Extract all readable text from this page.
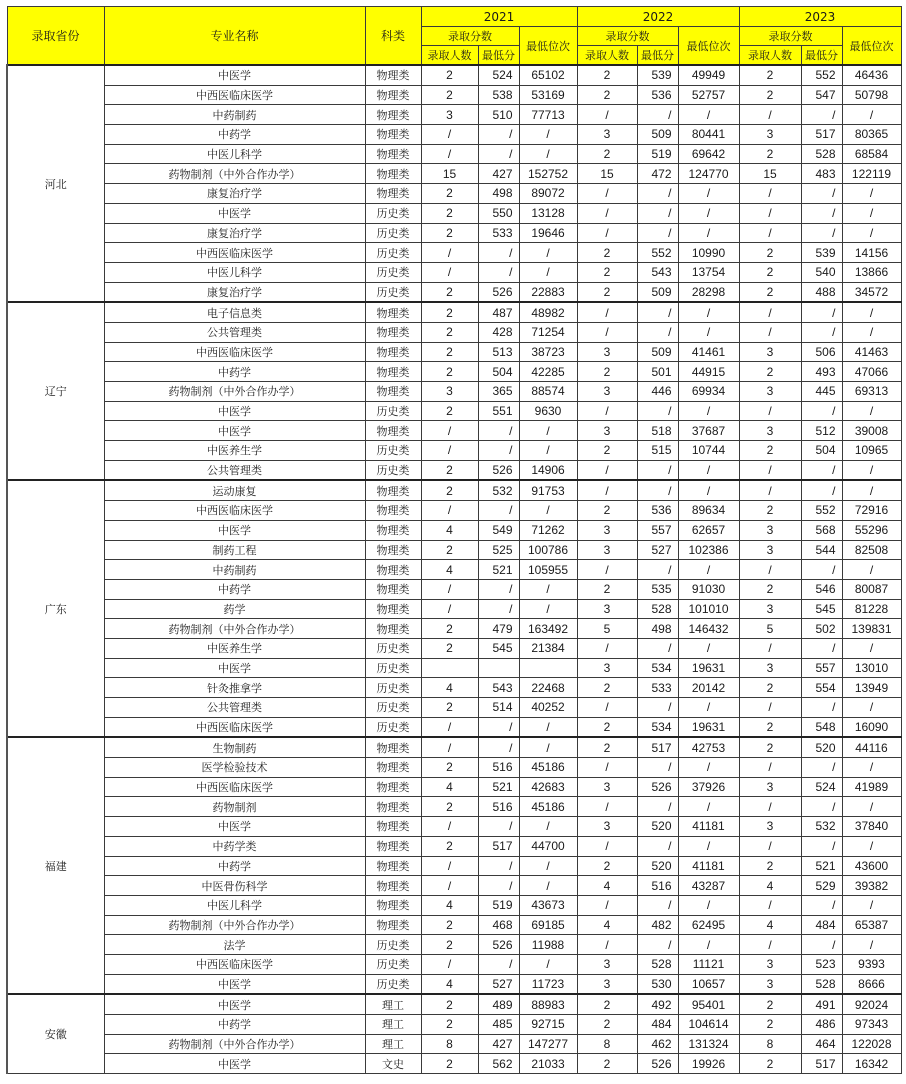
录取省份	专业名称	科类	2021			2022			2023		
			录取分数		最低位次	录取分数		最低位次	录取分数		最低位次
			录取人数	最低分		录取人数	最低分		录取人数	最低分	
河北	中医学	物理类	2	524	65102	2	539	49949	2	552	46436
	中西医临床医学	物理类	2	538	53169	2	536	52757	2	547	50798
	中药制药	物理类	3	510	77713	/	/	/	/	/	/
	中药学	物理类	/	/	/	3	509	80441	3	517	80365
	中医儿科学	物理类	/	/	/	2	519	69642	2	528	68584
	药物制剂（中外合作办学）	物理类	15	427	152752	15	472	124770	15	483	122119
	康复治疗学	物理类	2	498	89072	/	/	/	/	/	/
	中医学	历史类	2	550	13128	/	/	/	/	/	/
	康复治疗学	历史类	2	533	19646	/	/	/	/	/	/
	中西医临床医学	历史类	/	/	/	2	552	10990	2	539	14156
	中医儿科学	历史类	/	/	/	2	543	13754	2	540	13866
	康复治疗学	历史类	2	526	22883	2	509	28298	2	488	34572
辽宁	电子信息类	物理类	2	487	48982	/	/	/	/	/	/
	公共管理类	物理类	2	428	71254	/	/	/	/	/	/
	中西医临床医学	物理类	2	513	38723	3	509	41461	3	506	41463
	中药学	物理类	2	504	42285	2	501	44915	2	493	47066
	药物制剂（中外合作办学）	物理类	3	365	88574	3	446	69934	3	445	69313
	中医学	历史类	2	551	9630	/	/	/	/	/	/
	中医学	物理类	/	/	/	3	518	37687	3	512	39008
	中医养生学	历史类	/	/	/	2	515	10744	2	504	10965
	公共管理类	历史类	2	526	14906	/	/	/	/	/	/
广东	运动康复	物理类	2	532	91753	/	/	/	/	/	/
	中西医临床医学	物理类	/	/	/	2	536	89634	2	552	72916
	中医学	物理类	4	549	71262	3	557	62657	3	568	55296
	制药工程	物理类	2	525	100786	3	527	102386	3	544	82508
	中药制药	物理类	4	521	105955	/	/	/	/	/	/
	中药学	物理类	/	/	/	2	535	91030	2	546	80087
	药学	物理类	/	/	/	3	528	101010	3	545	81228
	药物制剂（中外合作办学）	物理类	2	479	163492	5	498	146432	5	502	139831
	中医养生学	历史类	2	545	21384	/	/	/	/	/	/
	中医学	历史类				3	534	19631	3	557	13010
	针灸推拿学	历史类	4	543	22468	2	533	20142	2	554	13949
	公共管理类	历史类	2	514	40252	/	/	/	/	/	/
	中西医临床医学	历史类	/	/	/	2	534	19631	2	548	16090
福建	生物制药	物理类	/	/	/	2	517	42753	2	520	44116
	医学检验技术	物理类	2	516	45186	/	/	/	/	/	/
	中西医临床医学	物理类	4	521	42683	3	526	37926	3	524	41989
	药物制剂	物理类	2	516	45186	/	/	/	/	/	/
	中医学	物理类	/	/	/	3	520	41181	3	532	37840
	中药学类	物理类	2	517	44700	/	/	/	/	/	/
	中药学	物理类	/	/	/	2	520	41181	2	521	43600
	中医骨伤科学	物理类	/	/	/	4	516	43287	4	529	39382
	中医儿科学	物理类	4	519	43673	/	/	/	/	/	/
	药物制剂（中外合作办学）	物理类	2	468	69185	4	482	62495	4	484	65387
	法学	历史类	2	526	11988	/	/	/	/	/	/
	中西医临床医学	历史类	/	/	/	3	528	11121	3	523	9393
	中医学	历史类	4	527	11723	3	530	10657	3	528	8666
安徽	中医学	理工	2	489	88983	2	492	95401	2	491	92024
	中药学	理工	2	485	92715	2	484	104614	2	486	97343
	药物制剂（中外合作办学）	理工	8	427	147277	8	462	131324	8	464	122028
	中医学	文史	2	562	21033	2	526	19926	2	517	16342
